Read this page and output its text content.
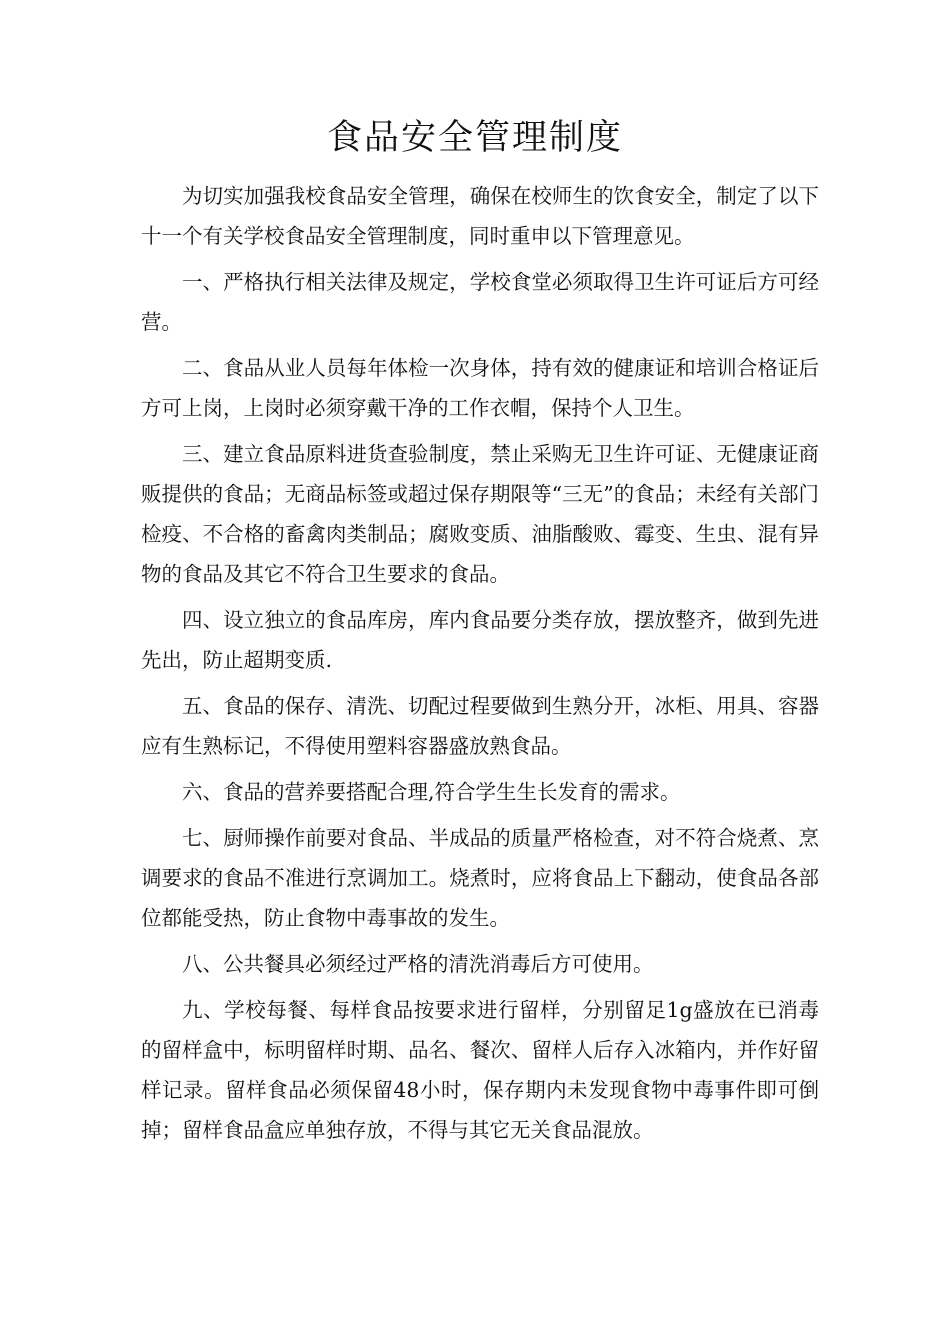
食品安全管理制度

为切实加强我校食品安全管理，确保在校师生的饮食安全，制定了以下十一个有关学校食品安全管理制度，同时重申以下管理意见。

一、严格执行相关法律及规定，学校食堂必须取得卫生许可证后方可经营。

二、食品从业人员每年体检一次身体，持有效的健康证和培训合格证后方可上岗，上岗时必须穿戴干净的工作衣帽，保持个人卫生。

三、建立食品原料进货查验制度，禁止采购无卫生许可证、无健康证商贩提供的食品；无商品标签或超过保存期限等“三无”的食品；未经有关部门检疫、不合格的畜禽肉类制品；腐败变质、油脂酸败、霉变、生虫、混有异物的食品及其它不符合卫生要求的食品。

四、设立独立的食品库房，库内食品要分类存放，摆放整齐，做到先进先出，防止超期变质.

五、食品的保存、清洗、切配过程要做到生熟分开，冰柜、用具、容器应有生熟标记，不得使用塑料容器盛放熟食品。

六、食品的营养要搭配合理,符合学生生长发育的需求。

七、厨师操作前要对食品、半成品的质量严格检查，对不符合烧煮、烹调要求的食品不准进行烹调加工。烧煮时，应将食品上下翻动，使食品各部位都能受热，防止食物中毒事故的发生。

八、公共餐具必须经过严格的清洗消毒后方可使用。

九、学校每餐、每样食品按要求进行留样，分别留足1g盛放在已消毒的留样盒中，标明留样时期、品名、餐次、留样人后存入冰箱内，并作好留样记录。留样食品必须保留48小时，保存期内未发现食物中毒事件即可倒掉；留样食品盒应单独存放，不得与其它无关食品混放。
